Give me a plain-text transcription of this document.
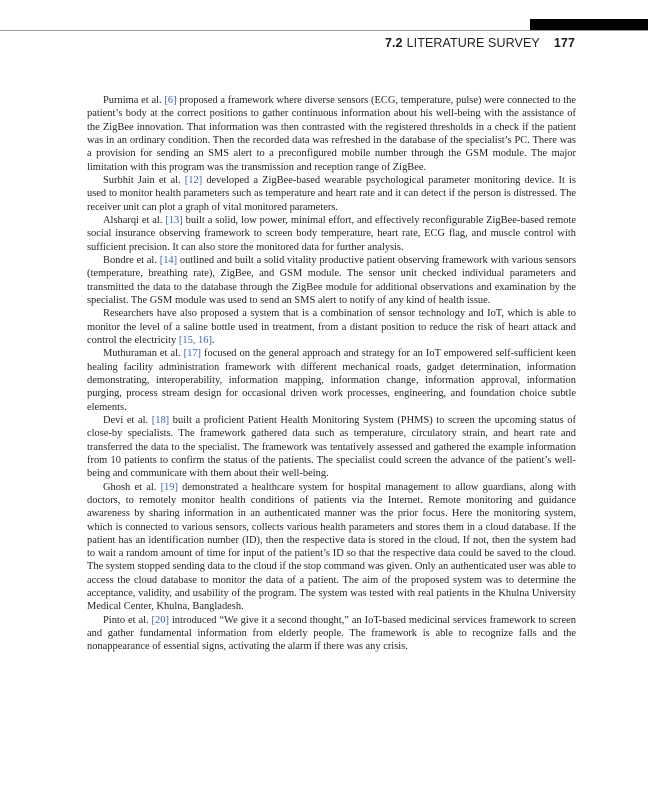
7.2 LITERATURE SURVEY 177

Purnima et al. [6] proposed a framework where diverse sensors (ECG, temperature, pulse) were connected to the patient’s body at the correct positions to gather continuous information about his well-being with the assistance of the ZigBee innovation. That information was then contrasted with the registered thresholds in a check if the patient was in an ordinary condition. Then the recorded data was refreshed in the database of the specialist’s PC. There was a provision for sending an SMS alert to a preconfigured mobile number through the GSM module. The major limitation with this program was the transmission and reception range of ZigBee.

Surbhit Jain et al. [12] developed a ZigBee-based wearable psychological parameter monitoring device. It is used to monitor health parameters such as temperature and heart rate and it can detect if the person is distressed. The receiver unit can plot a graph of vital monitored parameters.

Alsharqi et al. [13] built a solid, low power, minimal effort, and effectively reconfigurable ZigBee-based remote social insurance observing framework to screen body temperature, heart rate, ECG flag, and muscle control with sufficient precision. It can also store the monitored data for further analysis.

Bondre et al. [14] outlined and built a solid vitality productive patient observing framework with various sensors (temperature, breathing rate), ZigBee, and GSM module. The sensor unit checked individual parameters and transmitted the data to the database through the ZigBee module for additional observations and examination by the specialist. The GSM module was used to send an SMS alert to notify of any kind of health issue.

Researchers have also proposed a system that is a combination of sensor technology and IoT, which is able to monitor the level of a saline bottle used in treatment, from a distant position to reduce the risk of heart attack and control the electricity [15, 16].

Muthuraman et al. [17] focused on the general approach and strategy for an IoT empowered self-sufficient keen healing facility administration framework with different mechanical roads, gadget determination, information demonstrating, interoperability, information mapping, information change, information approval, information purging, process stream design for occasional driven work processes, engineering, and foundation choice subtle elements.

Devi et al. [18] built a proficient Patient Health Monitoring System (PHMS) to screen the upcoming status of close-by specialists. The framework gathered data such as temperature, circulatory strain, and heart rate and transferred the data to the specialist. The framework was tentatively assessed and gathered the example information from 10 patients to confirm the status of the patients. The specialist could screen the advance of the patient’s well-being and communicate with them about their well-being.

Ghosh et al. [19] demonstrated a healthcare system for hospital management to allow guardians, along with doctors, to remotely monitor health conditions of patients via the Internet. Remote monitoring and guidance awareness by sharing information in an authenticated manner was the prior focus. Here the monitoring system, which is connected to various sensors, collects various health parameters and stores them in a cloud database. If the patient has an identification number (ID), then the respective data is stored in the cloud. If not, then the system had to wait a random amount of time for input of the patient’s ID so that the respective data could be saved to the cloud. The system stopped sending data to the cloud if the stop command was given. Only an authenticated user was able to access the cloud database to monitor the data of a patient. The aim of the proposed system was to determine the acceptance, validity, and usability of the program. The system was tested with real patients in the Khulna University Medical Center, Khulna, Bangladesh.

Pinto et al. [20] introduced “We give it a second thought,” an IoT-based medicinal services framework to screen and gather fundamental information from elderly people. The framework is able to recognize falls and the nonappearance of essential signs, activating the alarm if there was any crisis.
